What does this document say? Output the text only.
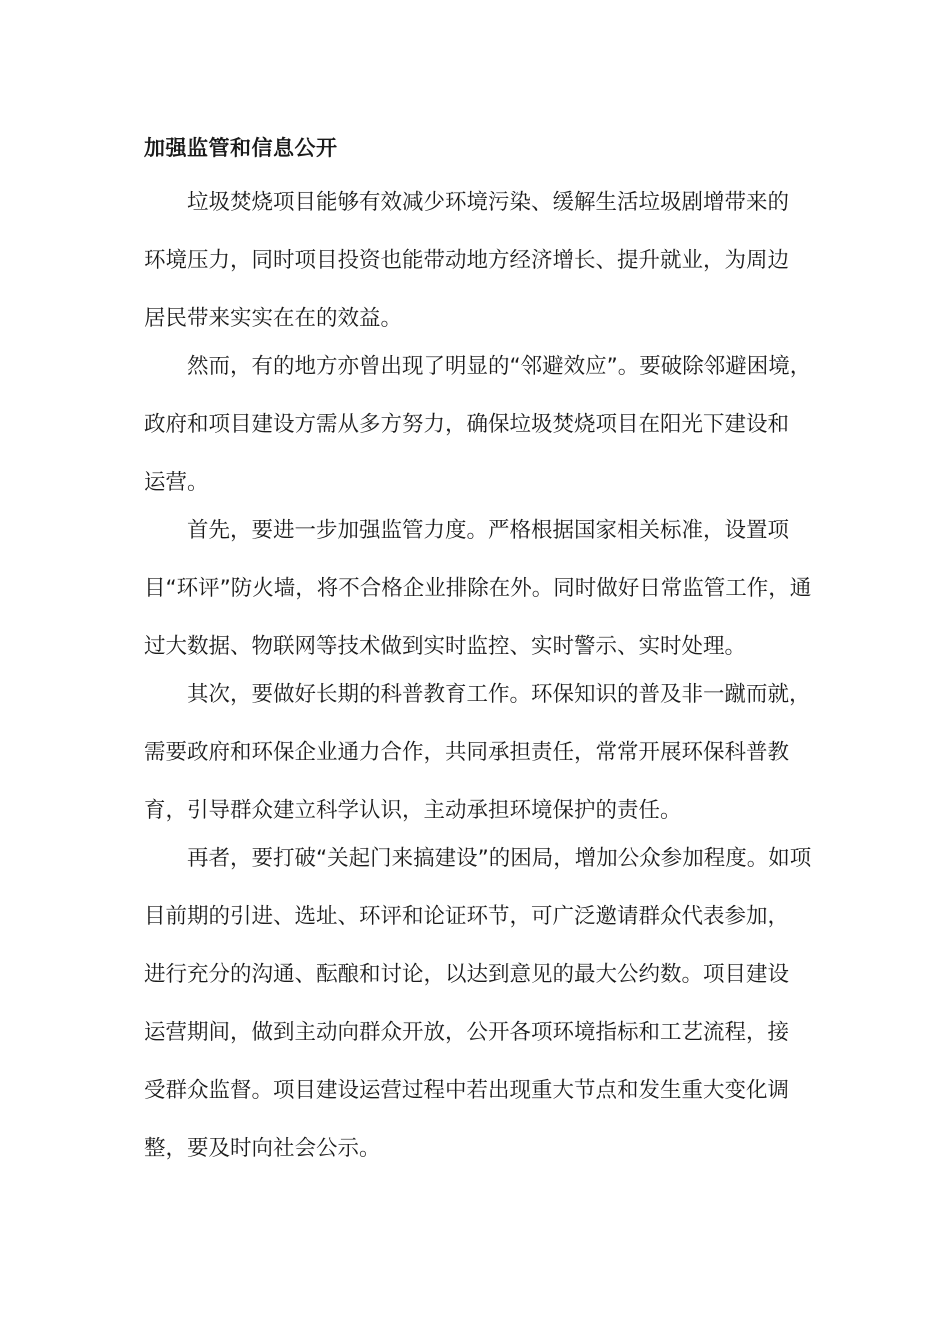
加强监管和信息公开

垃圾焚烧项目能够有效减少环境污染、缓解生活垃圾剧增带来的
环境压力，同时项目投资也能带动地方经济增长、提升就业，为周边
居民带来实实在在的效益。

然而，有的地方亦曾出现了明显的“邻避效应”。要破除邻避困境，
政府和项目建设方需从多方努力，确保垃圾焚烧项目在阳光下建设和
运营。

首先，要进一步加强监管力度。严格根据国家相关标准，设置项
目“环评”防火墙，将不合格企业排除在外。同时做好日常监管工作，通
过大数据、物联网等技术做到实时监控、实时警示、实时处理。

其次，要做好长期的科普教育工作。环保知识的普及非一蹴而就，
需要政府和环保企业通力合作，共同承担责任，常常开展环保科普教
育，引导群众建立科学认识，主动承担环境保护的责任。

再者，要打破“关起门来搞建设”的困局，增加公众参加程度。如项
目前期的引进、选址、环评和论证环节，可广泛邀请群众代表参加，
进行充分的沟通、酝酿和讨论，以达到意见的最大公约数。项目建设
运营期间，做到主动向群众开放，公开各项环境指标和工艺流程，接
受群众监督。项目建设运营过程中若出现重大节点和发生重大变化调
整，要及时向社会公示。
